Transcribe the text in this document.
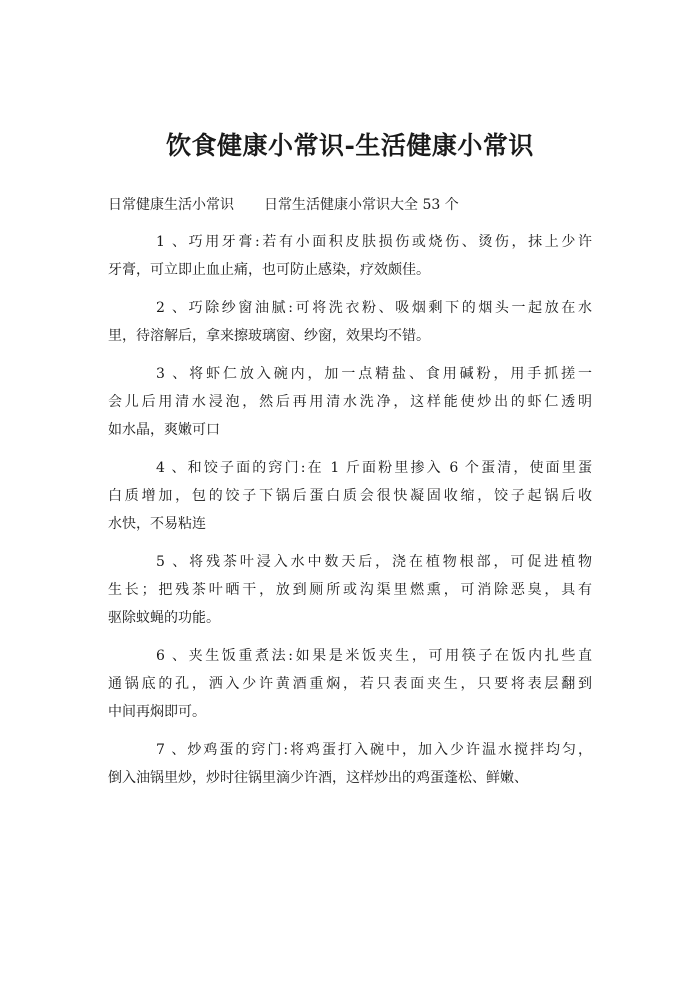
饮食健康小常识-生活健康小常识
日常健康生活小常识 日常生活健康小常识大全 53 个
1 、巧用牙膏:若有小面积皮肤损伤或烧伤、烫伤，抹上少许
牙膏，可立即止血止痛，也可防止感染，疗效颇佳。
2 、巧除纱窗油腻:可将洗衣粉、吸烟剩下的烟头一起放在水
里，待溶解后，拿来擦玻璃窗、纱窗，效果均不错。
3 、将虾仁放入碗内，加一点精盐、食用碱粉，用手抓搓一
会儿后用清水浸泡，然后再用清水洗净，这样能使炒出的虾仁透明
如水晶，爽嫩可口
4 、和饺子面的窍门:在 1 斤面粉里掺入 6 个蛋清，使面里蛋
白质增加，包的饺子下锅后蛋白质会很快凝固收缩，饺子起锅后收
水快，不易粘连
5 、将残茶叶浸入水中数天后，浇在植物根部，可促进植物
生长；把残茶叶晒干，放到厕所或沟渠里燃熏，可消除恶臭，具有
驱除蚊蝇的功能。
6 、夹生饭重煮法:如果是米饭夹生，可用筷子在饭内扎些直
通锅底的孔，洒入少许黄酒重焖，若只表面夹生，只要将表层翻到
中间再焖即可。
7 、炒鸡蛋的窍门:将鸡蛋打入碗中，加入少许温水搅拌均匀，
倒入油锅里炒，炒时往锅里滴少许酒，这样炒出的鸡蛋蓬松、鲜嫩、
